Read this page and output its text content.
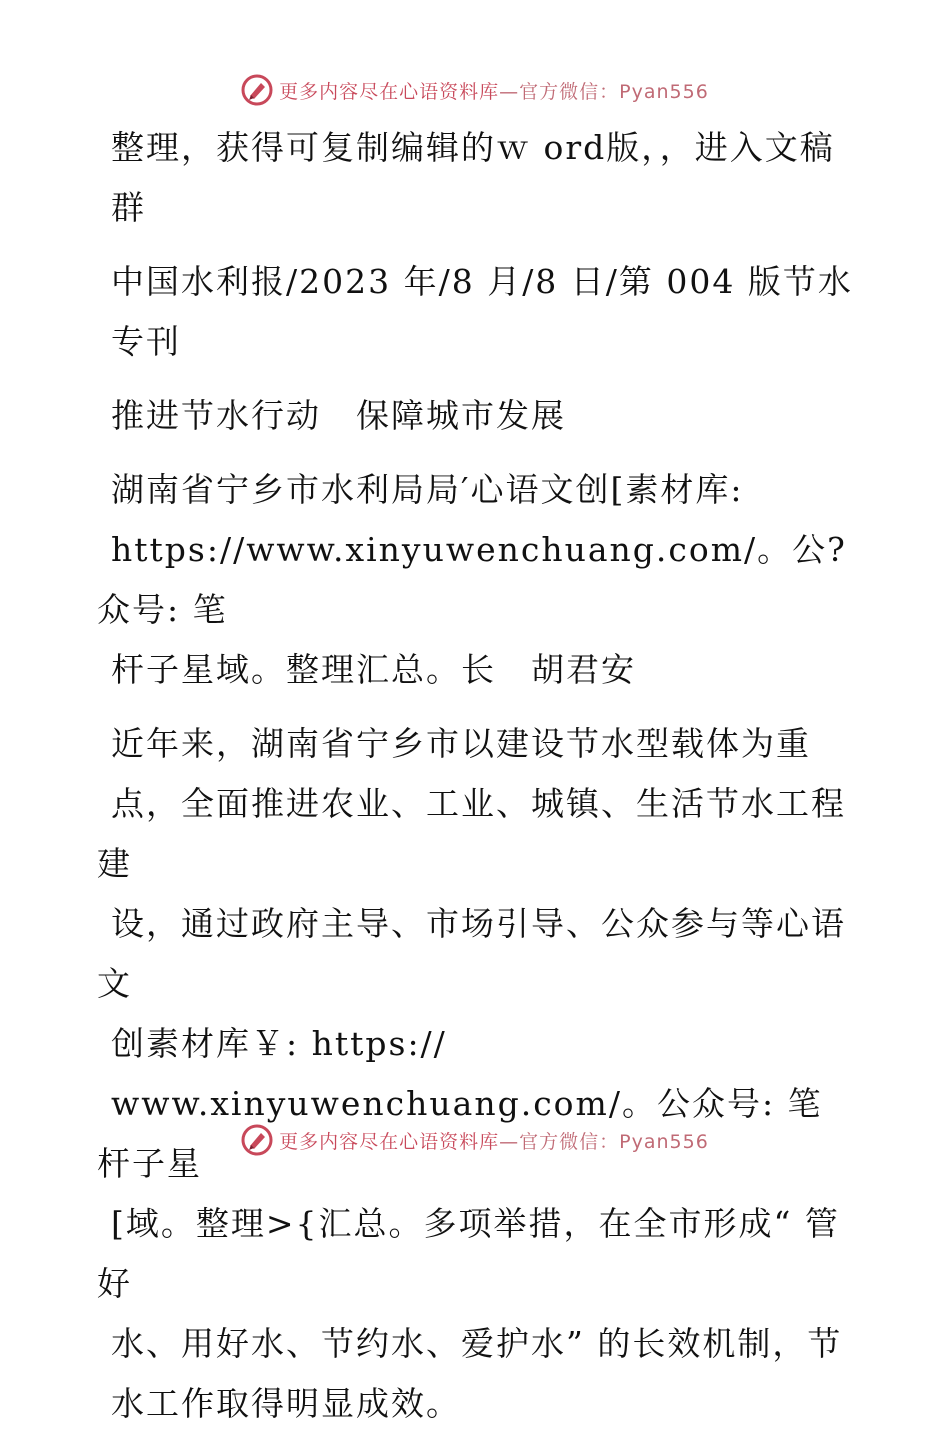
更多内容尽在心语资料库—官方微信：Pyan556

整理，获得可复制编辑的ｗ ord版，，进入文稿
群

中国水利报/2023 年/8 月/8 日/第 004 版节水
专刊

推进节水行动　保障城市发展

湖南省宁乡市水利局局′心语文创[素材库:
https://www.xinyuwenchuang.com/。公?众号: 笔
杆子星域。整理汇总。长　胡君安

近年来，湖南省宁乡市以建设节水型载体为重
点，全面推进农业、工业、城镇、生活节水工程建
设，通过政府主导、市场引导、公众参与等心语文
创素材库￥: https://
www.xinyuwenchuang.com/。公众号: 笔杆子星
[域。整理>{汇总。多项举措，在全市形成“ 管好
水、用好水、节约水、爱护水” 的长效机制，节
水工作取得明显成效。

更多内容尽在心语资料库—官方微信：Pyan556
